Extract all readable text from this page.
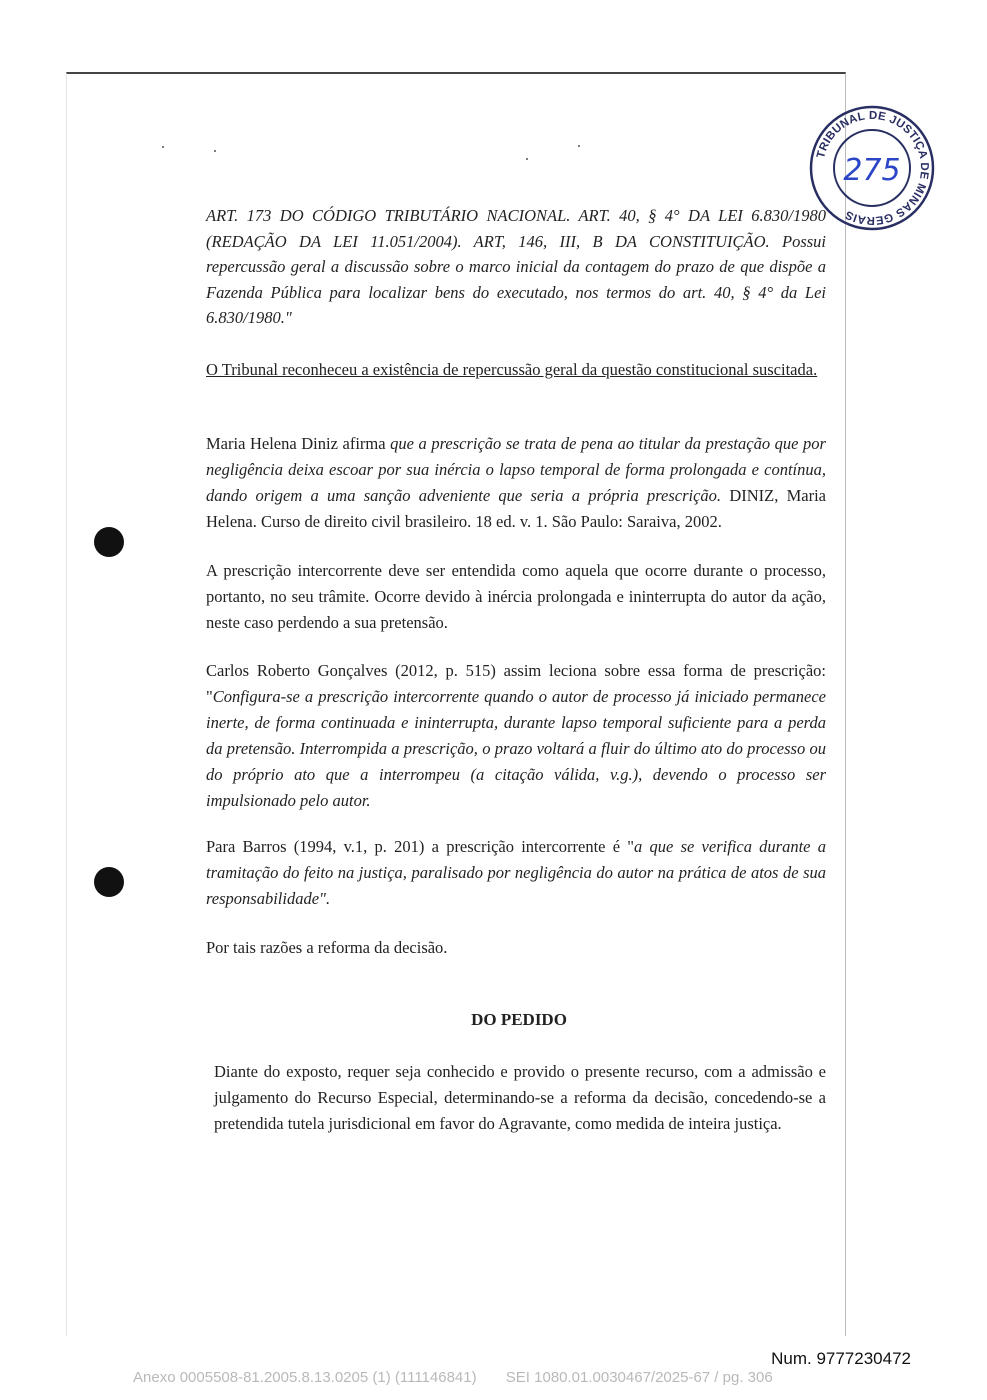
TRIBUNAL DE JUSTIÇA DE MINAS GERAIS
275

ART. 173 DO CÓDIGO TRIBUTÁRIO NACIONAL. ART. 40, § 4° DA LEI 6.830/1980 (REDAÇÃO DA LEI 11.051/2004). ART, 146, III, B DA CONSTITUIÇÃO. Possui repercussão geral a discussão sobre o marco inicial da contagem do prazo de que dispõe a Fazenda Pública para localizar bens do executado, nos termos do art. 40, § 4° da Lei 6.830/1980."

O Tribunal reconheceu a existência de repercussão geral da questão constitucional suscitada.

Maria Helena Diniz afirma que a prescrição se trata de pena ao titular da prestação que por negligência deixa escoar por sua inércia o lapso temporal de forma prolongada e contínua, dando origem a uma sanção adveniente que seria a própria prescrição. DINIZ, Maria Helena. Curso de direito civil brasileiro. 18 ed. v. 1. São Paulo: Saraiva, 2002.

A prescrição intercorrente deve ser entendida como aquela que ocorre durante o processo, portanto, no seu trâmite. Ocorre devido à inércia prolongada e ininterrupta do autor da ação, neste caso perdendo a sua pretensão.

Carlos Roberto Gonçalves (2012, p. 515) assim leciona sobre essa forma de prescrição: "Configura-se a prescrição intercorrente quando o autor de processo já iniciado permanece inerte, de forma continuada e ininterrupta, durante lapso temporal suficiente para a perda da pretensão. Interrompida a prescrição, o prazo voltará a fluir do último ato do processo ou do próprio ato que a interrompeu (a citação válida, v.g.), devendo o processo ser impulsionado pelo autor.

Para Barros (1994, v.1, p. 201) a prescrição intercorrente é "a que se verifica durante a tramitação do feito na justiça, paralisado por negligência do autor na prática de atos de sua responsabilidade".

Por tais razões a reforma da decisão.

DO PEDIDO

Diante do exposto, requer seja conhecido e provido o presente recurso, com a admissão e julgamento do Recurso Especial, determinando-se a reforma da decisão, concedendo-se a pretendida tutela jurisdicional em favor do Agravante, como medida de inteira justiça.

Num. 9777230472
Anexo 0005508-81.2005.8.13.0205 (1) (111146841) SEI 1080.01.0030467/2025-67 / pg. 306
